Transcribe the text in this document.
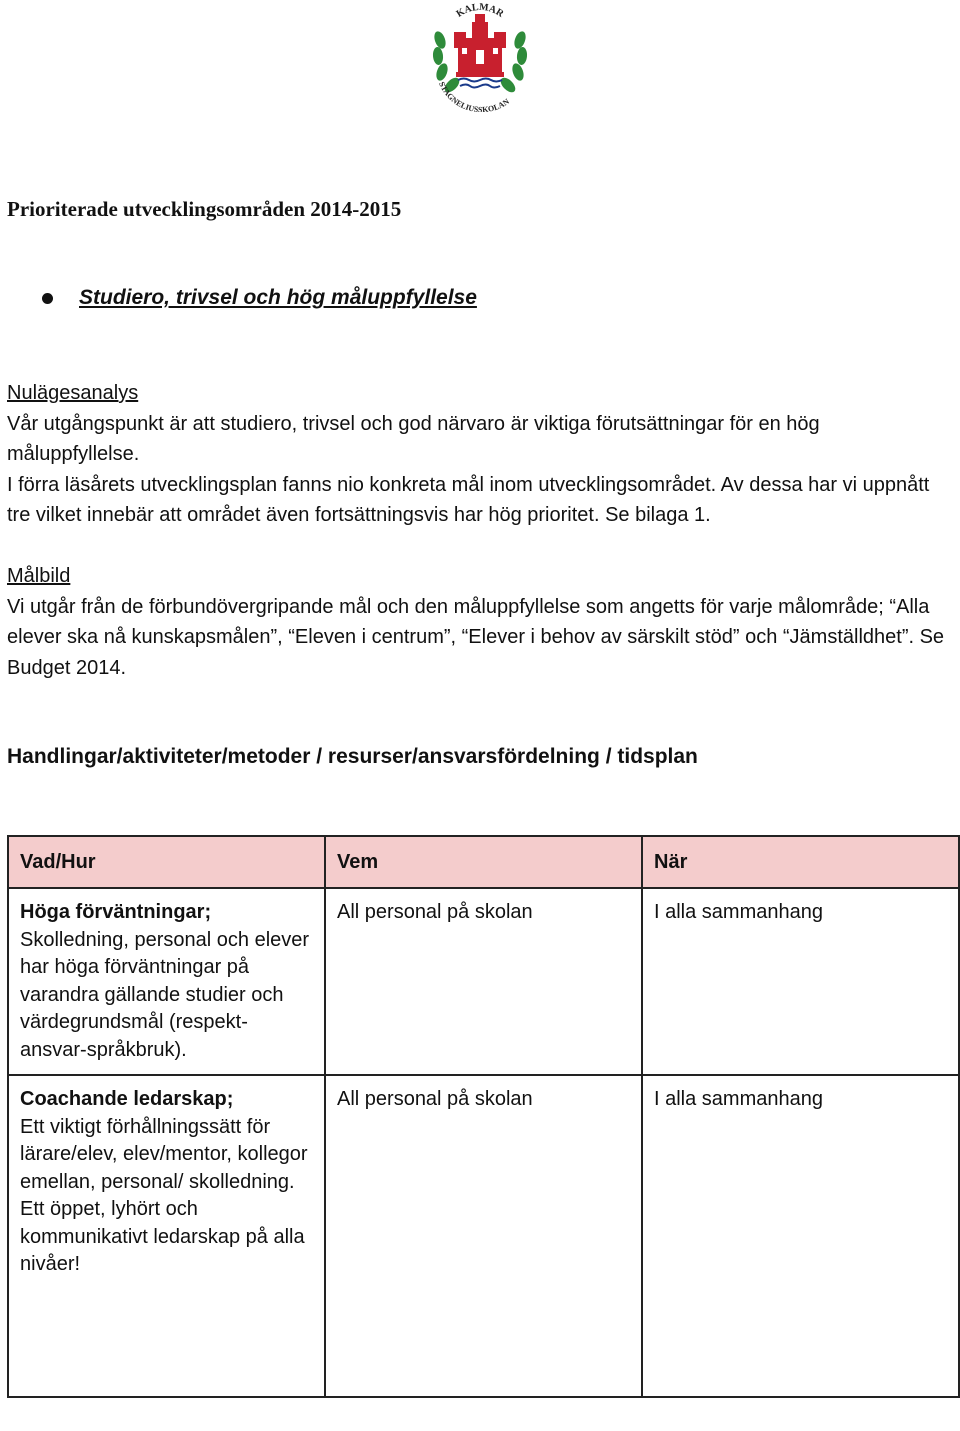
KALMAR
STAGNELIUSSKOLAN
Prioriterade utvecklingsområden 2014-2015
Studiero, trivsel och hög måluppfyllelse
Nulägesanalys

Vår utgångspunkt är att studiero, trivsel och god närvaro är viktiga förutsättningar för en hög måluppfyllelse.

I förra läsårets utvecklingsplan fanns nio konkreta mål inom utvecklingsområdet. Av dessa har vi uppnått tre vilket innebär att området även fortsättningsvis har hög prioritet. Se bilaga 1.

Målbild

Vi utgår från de förbundövergripande mål och den måluppfyllelse som angetts för varje målområde; “Alla elever ska nå kunskapsmålen”, “Eleven i centrum”, “Elever i behov av särskilt stöd” och “Jämställdhet”. Se Budget 2014.

Handlingar/aktiviteter/metoder / resurser/ansvarsfördelning / tidsplan
Vad/Hur	Vem	När

Höga förväntningar;
Skolledning, personal och elever har höga förväntningar på varandra gällande studier och värdegrundsmål (respekt-ansvar-språkbruk).	All personal på skolan	I alla sammanhang

Coachande ledarskap;
Ett viktigt förhållningssätt för lärare/elev, elev/mentor, kollegor emellan, personal/ skolledning.
Ett öppet, lyhört och kommunikativt ledarskap på alla nivåer!	All personal på skolan	I alla sammanhang
